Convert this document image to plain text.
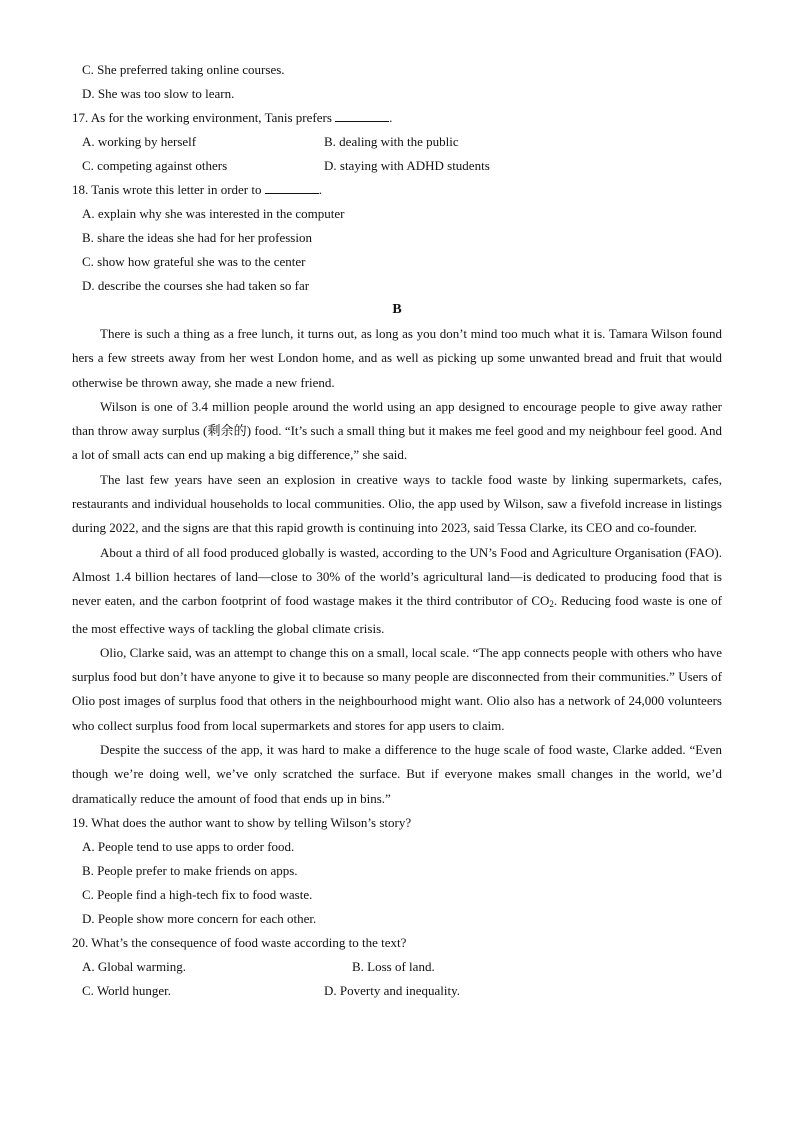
C. She preferred taking online courses.
D. She was too slow to learn.
17. As for the working environment, Tanis prefers	.
A. working by herself	B. dealing with the public
C. competing against others	D. staying with ADHD students
18. Tanis wrote this letter in order to	.
A. explain why she was interested in the computer
B. share the ideas she had for her profession
C. show how grateful she was to the center
D. describe the courses she had taken so far
B

There is such a thing as a free lunch, it turns out, as long as you don’t mind too much what it is. Tamara Wilson found hers a few streets away from her west London home, and as well as picking up some unwanted bread and fruit that would otherwise be thrown away, she made a new friend.

Wilson is one of 3.4 million people around the world using an app designed to encourage people to give away rather than throw away surplus (剩余的) food. “It’s such a small thing but it makes me feel good and my neighbour feel good. And a lot of small acts can end up making a big difference,” she said.

The last few years have seen an explosion in creative ways to tackle food waste by linking supermarkets, cafes, restaurants and individual households to local communities. Olio, the app used by Wilson, saw a fivefold increase in listings during 2022, and the signs are that this rapid growth is continuing into 2023, said Tessa Clarke, its CEO and co-founder.

About a third of all food produced globally is wasted, according to the UN’s Food and Agriculture Organisation (FAO). Almost 1.4 billion hectares of land—close to 30% of the world’s agricultural land—is dedicated to producing food that is never eaten, and the carbon footprint of food wastage makes it the third contributor of $CO_2$. Reducing food waste is one of the most effective ways of tackling the global climate crisis.

Olio, Clarke said, was an attempt to change this on a small, local scale. “The app connects people with others who have surplus food but don’t have anyone to give it to because so many people are disconnected from their communities.” Users of Olio post images of surplus food that others in the neighbourhood might want. Olio also has a network of 24,000 volunteers who collect surplus food from local supermarkets and stores for app users to claim.

Despite the success of the app, it was hard to make a difference to the huge scale of food waste, Clarke added. “Even though we’re doing well, we’ve only scratched the surface. But if everyone makes small changes in the world, we’d dramatically reduce the amount of food that ends up in bins.”

19. What does the author want to show by telling Wilson’s story?
A. People tend to use apps to order food.
B. People prefer to make friends on apps.
C. People find a high-tech fix to food waste.
D. People show more concern for each other.
20. What’s the consequence of food waste according to the text?
A. Global warming.	B. Loss of land.
C. World hunger.	D. Poverty and inequality.
